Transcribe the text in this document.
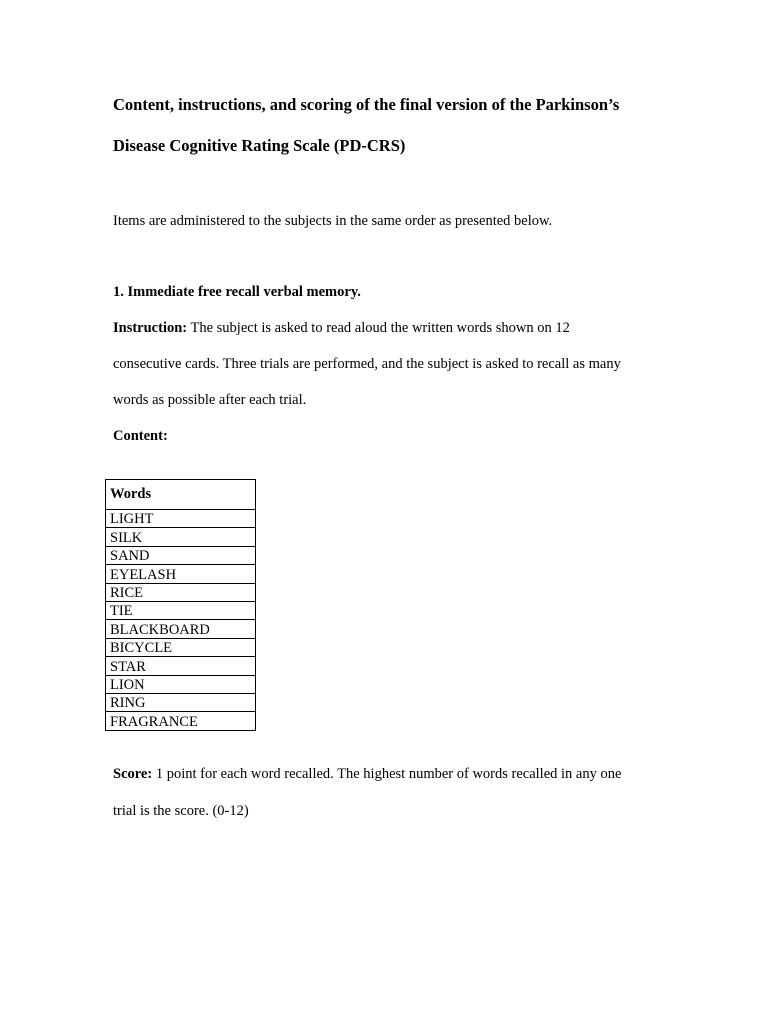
Content, instructions, and scoring of the final version of the Parkinson’s

Disease Cognitive Rating Scale (PD-CRS)

Items are administered to the subjects in the same order as presented below.

1. Immediate free recall verbal memory.

Instruction: The subject is asked to read aloud the written words shown on 12

consecutive cards. Three trials are performed, and the subject is asked to recall as many

words as possible after each trial.

Content:

Words
LIGHT
SILK
SAND
EYELASH
RICE
TIE
BLACKBOARD
BICYCLE
STAR
LION
RING
FRAGRANCE

Score: 1 point for each word recalled. The highest number of words recalled in any one

trial is the score. (0-12)
